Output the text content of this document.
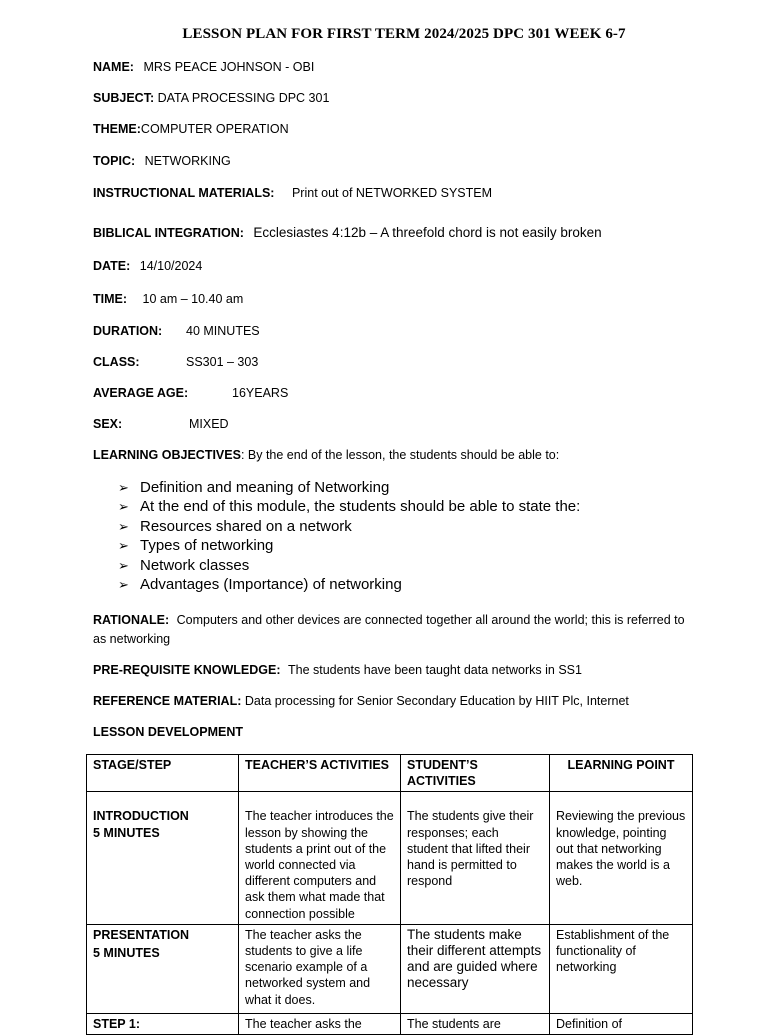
LESSON PLAN FOR FIRST TERM 2024/2025 DPC 301 WEEK 6-7
NAME: MRS PEACE JOHNSON - OBI
SUBJECT: DATA PROCESSING DPC 301
THEME:COMPUTER OPERATION
TOPIC: NETWORKING
INSTRUCTIONAL MATERIALS: Print out of NETWORKED SYSTEM
BIBLICAL INTEGRATION: Ecclesiastes 4:12b – A threefold chord is not easily broken
DATE: 14/10/2024
TIME: 10 am – 10.40 am
DURATION: 40 MINUTES
CLASS:	SS301 – 303
AVERAGE AGE:	16YEARS
SEX:	MIXED
LEARNING OBJECTIVES: By the end of the lesson, the students should be able to:
➢ Definition and meaning of Networking
➢ At the end of this module, the students should be able to state the:
➢ Resources shared on a network
➢ Types of networking
➢ Network classes
➢ Advantages (Importance) of networking
RATIONALE: Computers and other devices are connected together all around the world; this is referred to as networking
PRE-REQUISITE KNOWLEDGE: The students have been taught data networks in SS1
REFERENCE MATERIAL: Data processing for Senior Secondary Education by HIIT Plc, Internet
LESSON DEVELOPMENT
STAGE/STEP	TEACHER’S ACTIVITIES	STUDENT’S ACTIVITIES	LEARNING POINT

INTRODUCTION
5 MINUTES	The teacher introduces the lesson by showing the students a print out of the world connected via different computers and ask them what made that connection possible	The students give their responses; each student that lifted their hand is permitted to respond	Reviewing the previous knowledge, pointing out that networking makes the world is a web.

PRESENTATION
5 MINUTES	The teacher asks the students to give a life scenario example of a networked system and what it does.	The students make their different attempts and are guided where necessary	Establishment of the functionality of networking
STEP 1:	The teacher asks the	The students are	Definition of
